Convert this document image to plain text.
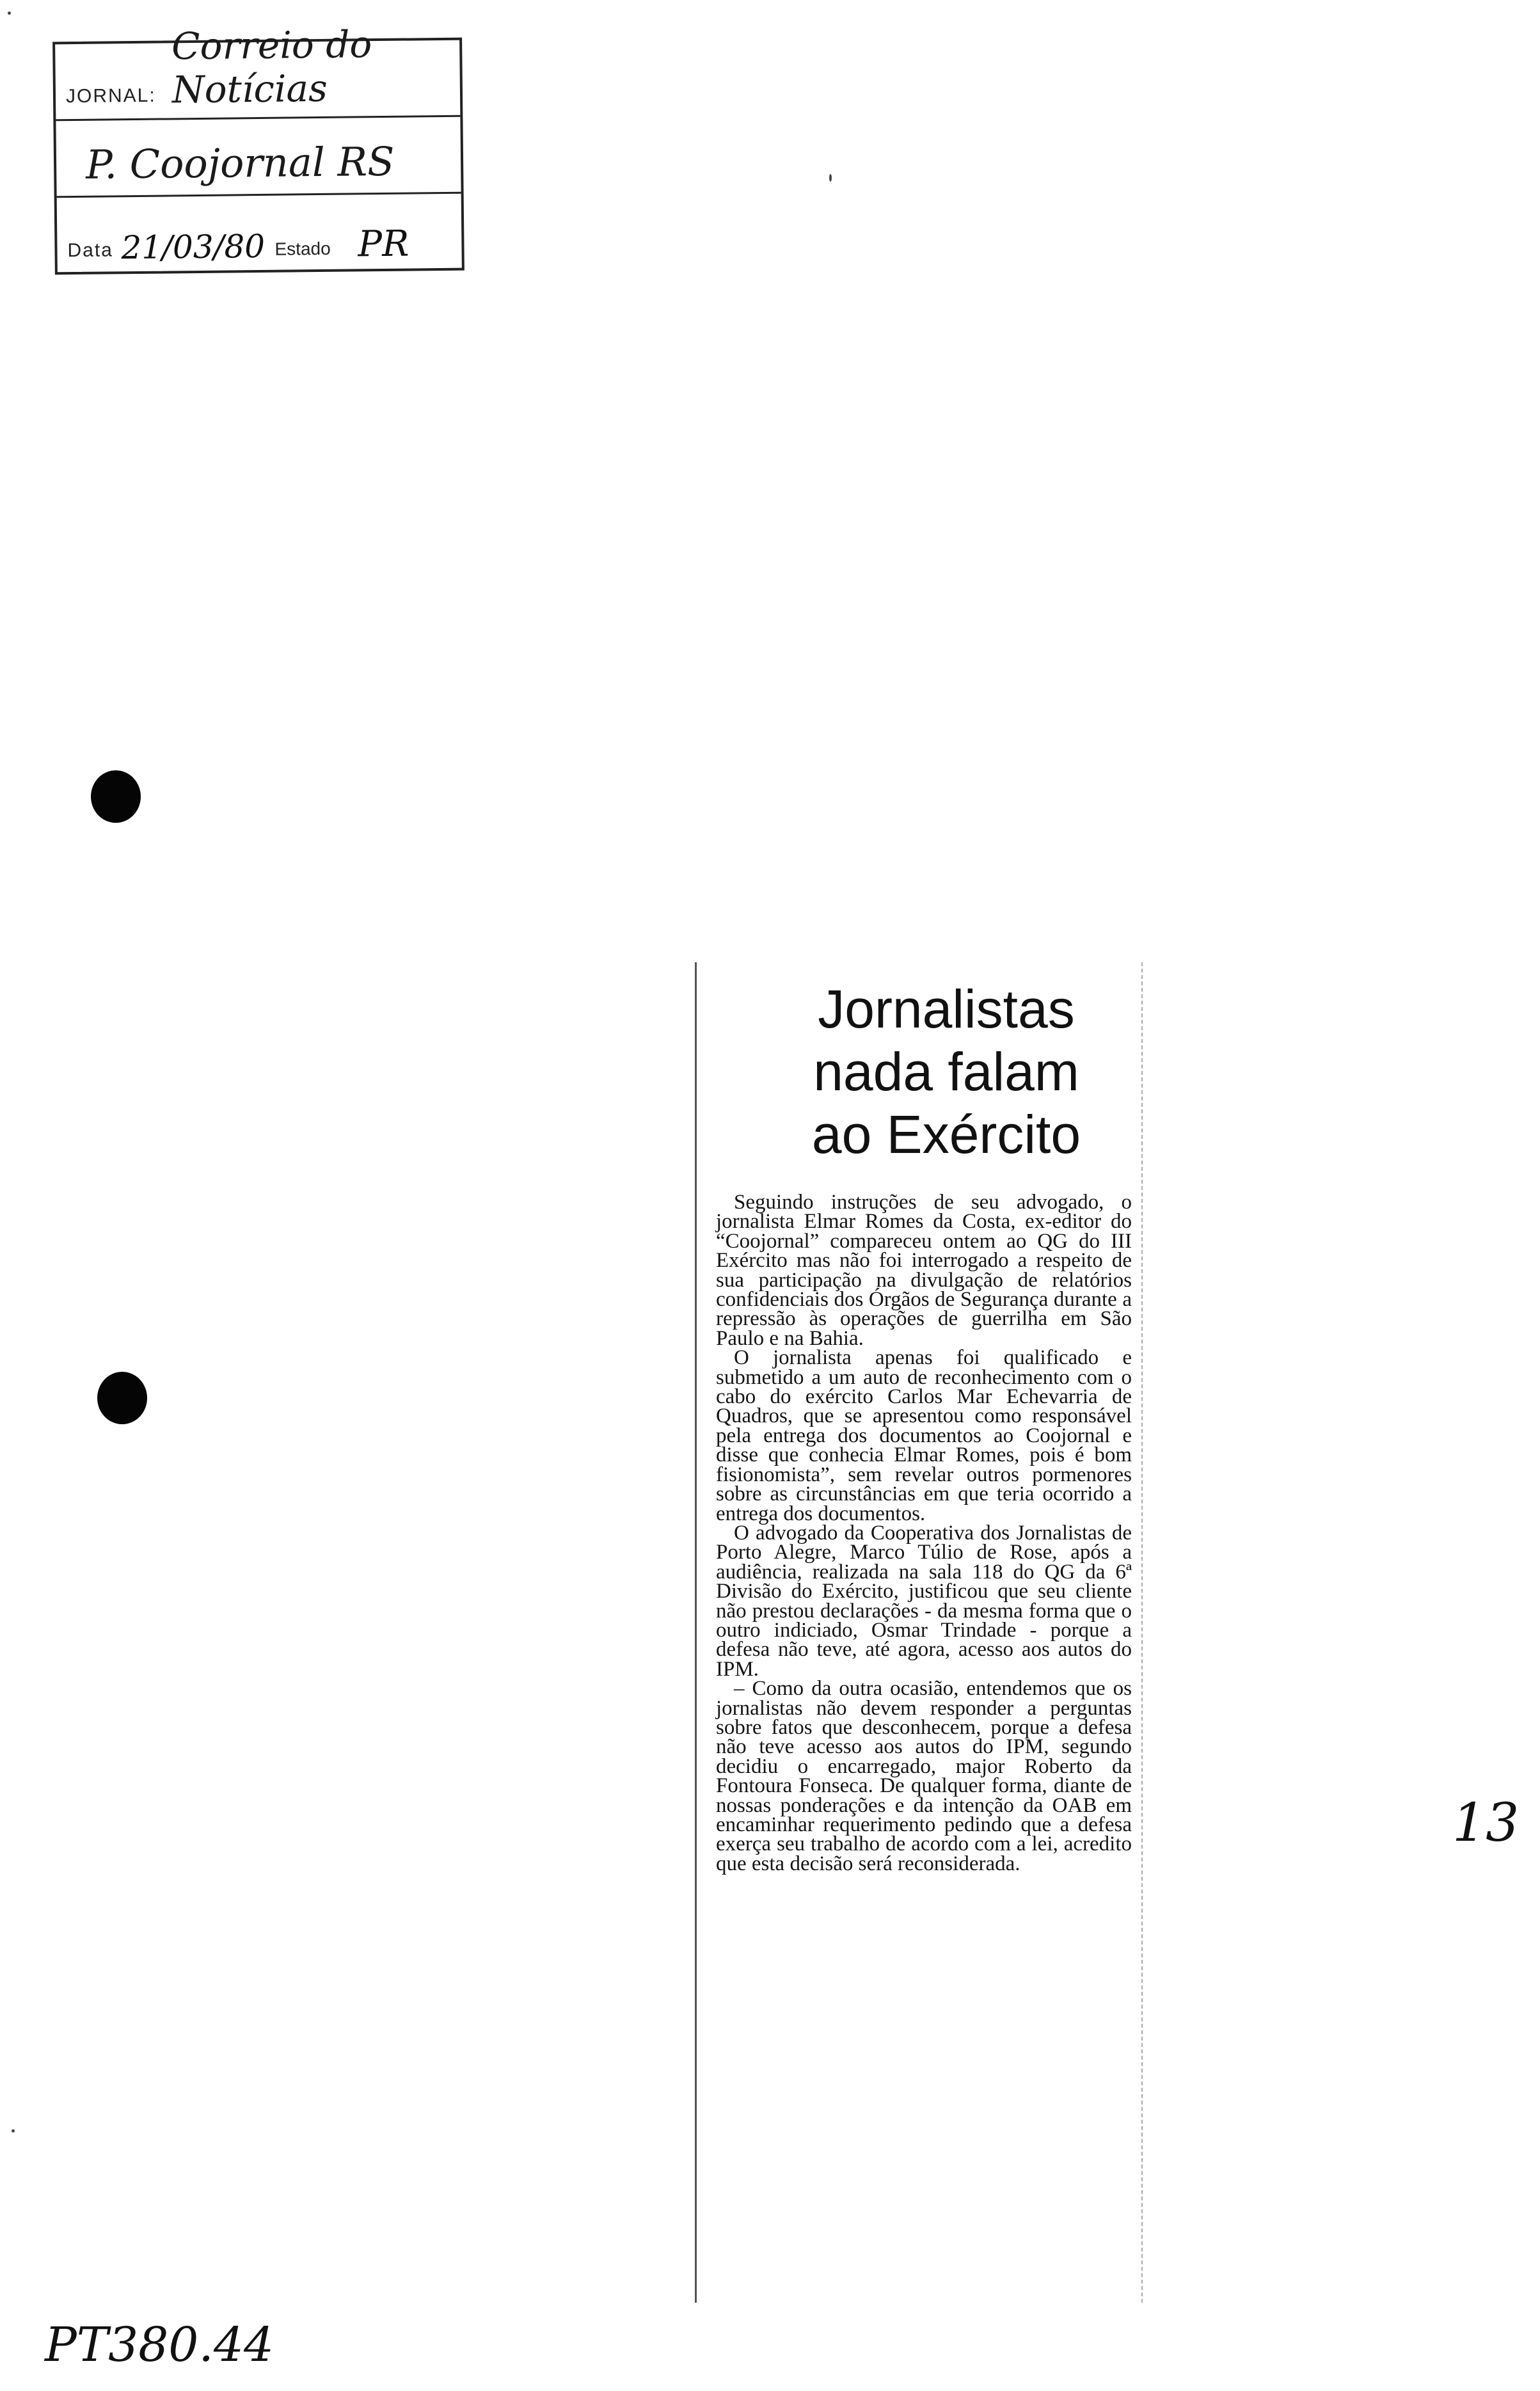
JORNAL:
Correio do Notícias
P. Coojornal RS
Data 21/03/80 Estado PR
Jornalistas
nada falam
ao Exército

Seguindo instruções de seu advogado, o jornalista Elmar Romes da Costa, ex-editor do “Coojornal” compareceu ontem ao QG do III Exército mas não foi interrogado a respeito de sua participação na divulgação de relatórios confidenciais dos Órgãos de Segurança durante a repressão às operações de guerrilha em São Paulo e na Bahia.

O jornalista apenas foi qualificado e submetido a um auto de reconhecimento com o cabo do exército Carlos Mar Echevarria de Quadros, que se apresentou como responsável pela entrega dos documentos ao Coojornal e disse que conhecia Elmar Romes, pois é bom fisionomista”, sem revelar outros pormenores sobre as circunstâncias em que teria ocorrido a entrega dos documentos.

O advogado da Cooperativa dos Jornalistas de Porto Alegre, Marco Túlio de Rose, após a audiência, realizada na sala 118 do QG da 6ª Divisão do Exército, justificou que seu cliente não prestou declarações - da mesma forma que o outro indiciado, Osmar Trindade - porque a defesa não teve, até agora, acesso aos autos do IPM.

– Como da outra ocasião, entendemos que os jornalistas não devem responder a perguntas sobre fatos que desconhecem, porque a defesa não teve acesso aos autos do IPM, segundo decidiu o encarregado, major Roberto da Fontoura Fonseca. De qualquer forma, diante de nossas ponderações e da intenção da OAB em encaminhar requerimento pedindo que a defesa exerça seu trabalho de acordo com a lei, acredito que esta decisão será reconsiderada.

13
PT380.44
